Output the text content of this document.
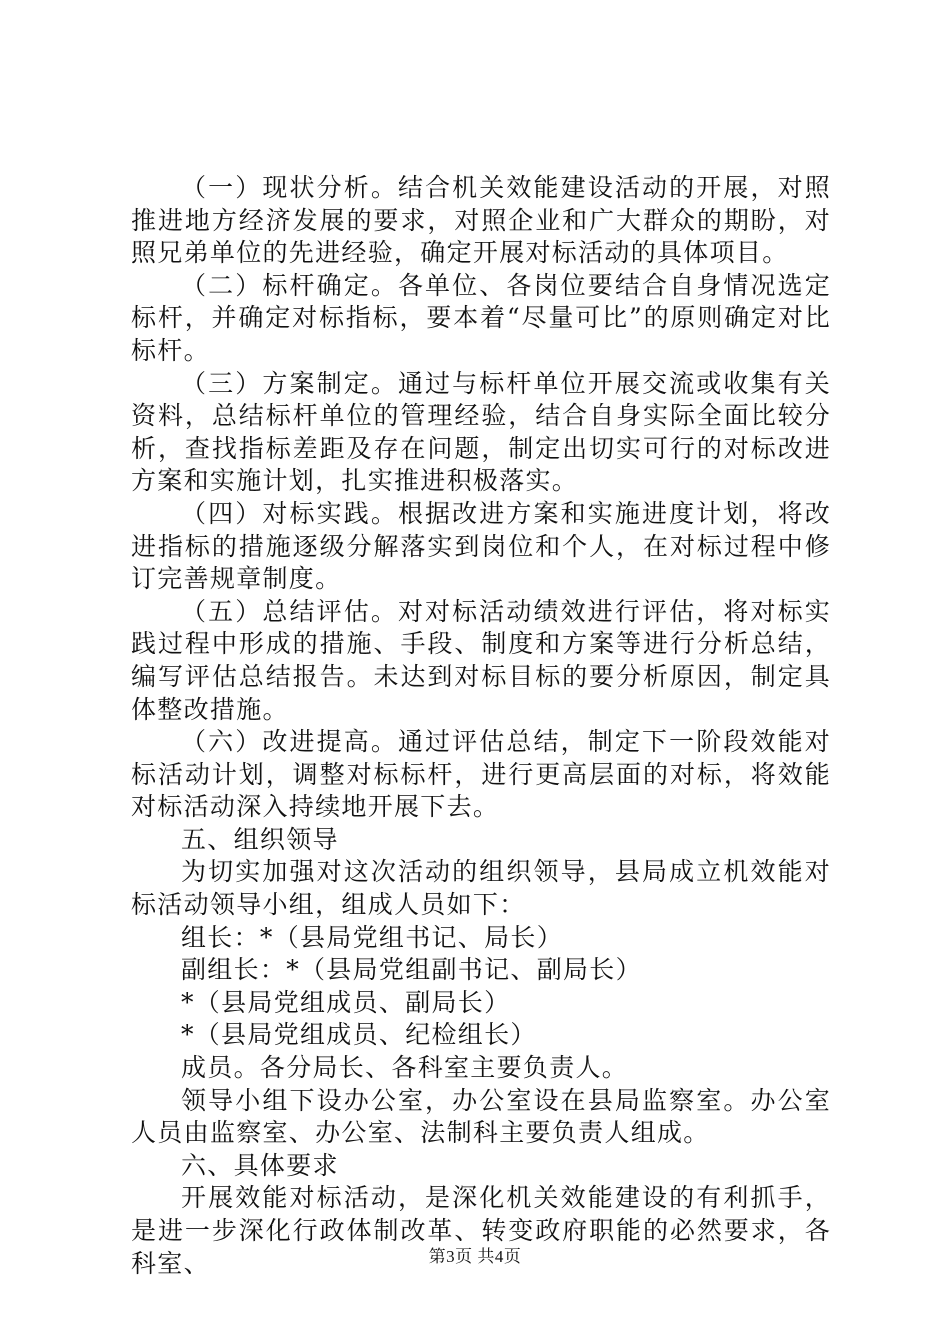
（一）现状分析。结合机关效能建设活动的开展，对照推进地方经济发展的要求，对照企业和广大群众的期盼，对照兄弟单位的先进经验，确定开展对标活动的具体项目。

（二）标杆确定。各单位、各岗位要结合自身情况选定标杆，并确定对标指标，要本着“尽量可比”的原则确定对比标杆。

（三）方案制定。通过与标杆单位开展交流或收集有关资料，总结标杆单位的管理经验，结合自身实际全面比较分析，查找指标差距及存在问题，制定出切实可行的对标改进方案和实施计划，扎实推进积极落实。

（四）对标实践。根据改进方案和实施进度计划，将改进指标的措施逐级分解落实到岗位和个人，在对标过程中修订完善规章制度。

（五）总结评估。对对标活动绩效进行评估，将对标实践过程中形成的措施、手段、制度和方案等进行分析总结，编写评估总结报告。未达到对标目标的要分析原因，制定具体整改措施。

（六）改进提高。通过评估总结，制定下一阶段效能对标活动计划，调整对标标杆，进行更高层面的对标，将效能对标活动深入持续地开展下去。

五、组织领导

为切实加强对这次活动的组织领导，县局成立机效能对标活动领导小组，组成人员如下：

组长：*（县局党组书记、局长）

副组长：*（县局党组副书记、副局长）

*（县局党组成员、副局长）

*（县局党组成员、纪检组长）

成员。各分局长、各科室主要负责人。

领导小组下设办公室，办公室设在县局监察室。办公室人员由监察室、办公室、法制科主要负责人组成。

六、具体要求

开展效能对标活动，是深化机关效能建设的有利抓手，是进一步深化行政体制改革、转变政府职能的必然要求，各科室、	第3页 共4页
